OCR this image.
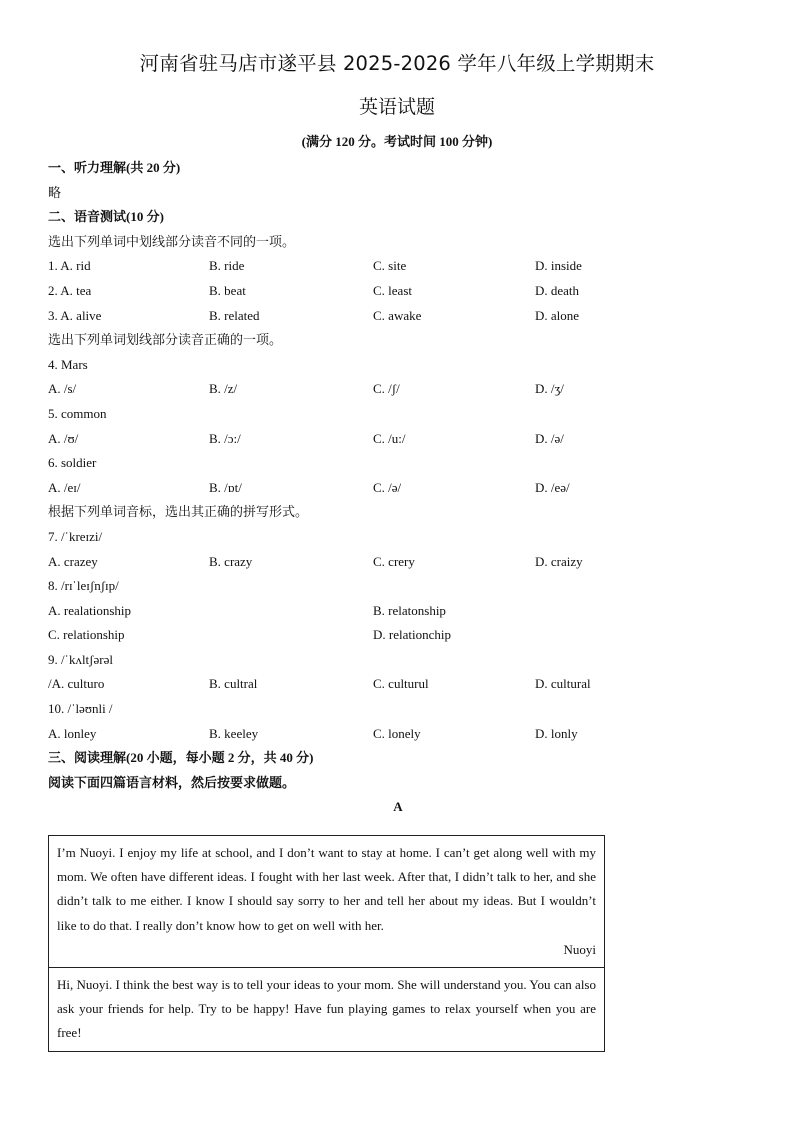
河南省驻马店市遂平县 2025-2026 学年八年级上学期期末
英语试题
(满分 120 分。考试时间 100 分钟)
一、听力理解(共 20 分)
略
二、语音测试(10 分)
选出下列单词中划线部分读音不同的一项。
1. A. rid	B. ride	C. site	D. inside
2. A. tea	B. beat	C. least	D. death
3. A. alive	B. related	C. awake	D. alone
选出下列单词划线部分读音正确的一项。
4. Mars
A. /s/	B. /z/	C. /ʃ/	D. /ʒ/
5. common
A. /ʊ/	B. /ɔ:/	C. /u:/	D. /ə/
6. soldier
A. /eɪ/	B. /ɒt/	C. /ə/	D. /eə/
根据下列单词音标，选出其正确的拼写形式。
7. /ˈkreɪzi/
A. crazey	B. crazy	C. crery	D. craizy
8. /rɪˈleɪʃnʃɪp/
A. realationship	B. relatonship
C. relationship	D. relationchip
9. /ˈkʌltʃərəl
/A. culturo	B. cultral	C. culturul	D. cultural
10. /ˈləʊnli /
A. lonley	B. keeley	C. lonely	D. lonly
三、阅读理解(20 小题，每小题 2 分，共 40 分)
阅读下面四篇语言材料，然后按要求做题。
A
I’m Nuoyi. I enjoy my life at school, and I don’t want to stay at home. I can’t get along well with my mom. We often have different ideas. I fought with her last week. After that, I didn’t talk to her, and she didn’t talk to me either. I know I should say sorry to her and tell her about my ideas. But I wouldn’t like to do that. I really don’t know how to get on well with her.
Nuoyi
Hi, Nuoyi. I think the best way is to tell your ideas to your mom. She will understand you. You can also ask your friends for help. Try to be happy! Have fun playing games to relax yourself when you are free!
